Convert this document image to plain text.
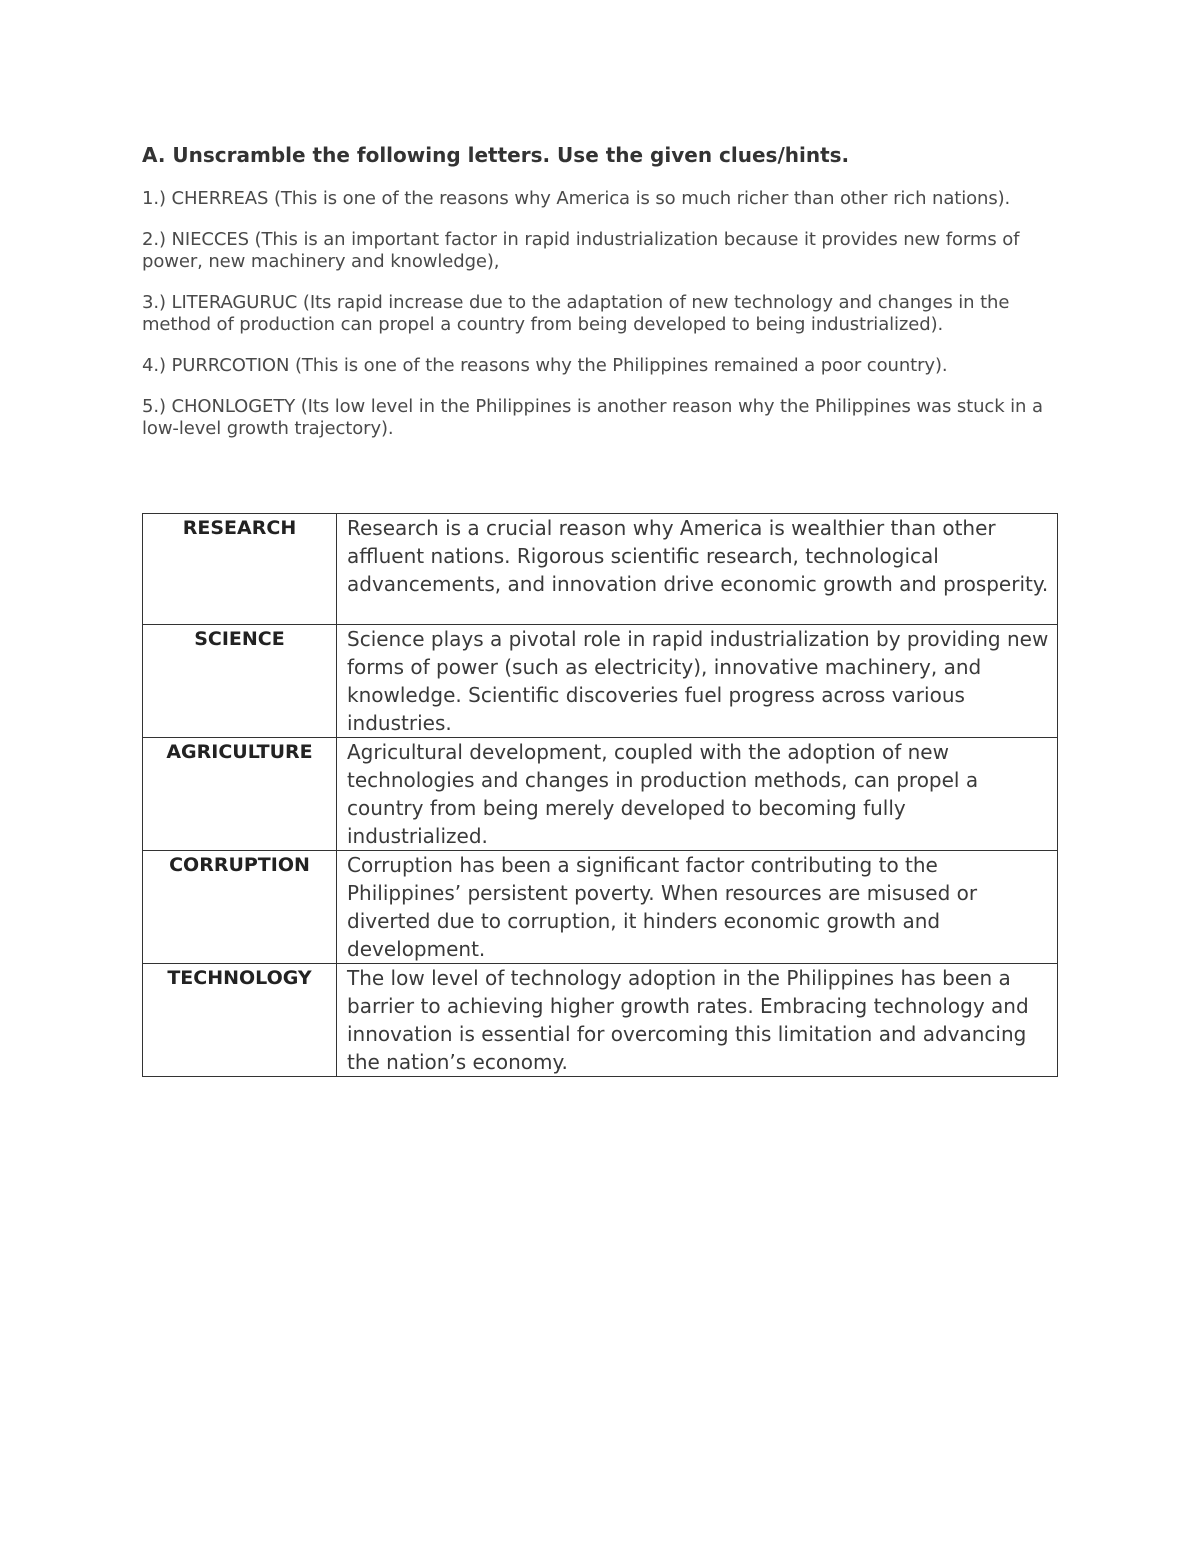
A. Unscramble the following letters. Use the given clues/hints.
1.) CHERREAS (This is one of the reasons why America is so much richer than other rich nations).
2.) NIECCES (This is an important factor in rapid industrialization because it provides new forms of power, new machinery and knowledge),
3.) LITERAGURUC (Its rapid increase due to the adaptation of new technology and changes in the method of production can propel a country from being developed to being industrialized).
4.) PURRCOTION (This is one of the reasons why the Philippines remained a poor country).
5.) CHONLOGETY (Its low level in the Philippines is another reason why the Philippines was stuck in a low-level growth trajectory).
RESEARCH	Research is a crucial reason why America is wealthier than other affluent nations. Rigorous scientific research, technological advancements, and innovation drive economic growth and prosperity.
SCIENCE	Science plays a pivotal role in rapid industrialization by providing new forms of power (such as electricity), innovative machinery, and knowledge. Scientific discoveries fuel progress across various industries.
AGRICULTURE	Agricultural development, coupled with the adoption of new technologies and changes in production methods, can propel a country from being merely developed to becoming fully industrialized.
CORRUPTION	Corruption has been a significant factor contributing to the Philippines’ persistent poverty. When resources are misused or diverted due to corruption, it hinders economic growth and development.
TECHNOLOGY	The low level of technology adoption in the Philippines has been a barrier to achieving higher growth rates. Embracing technology and innovation is essential for overcoming this limitation and advancing the nation’s economy.
